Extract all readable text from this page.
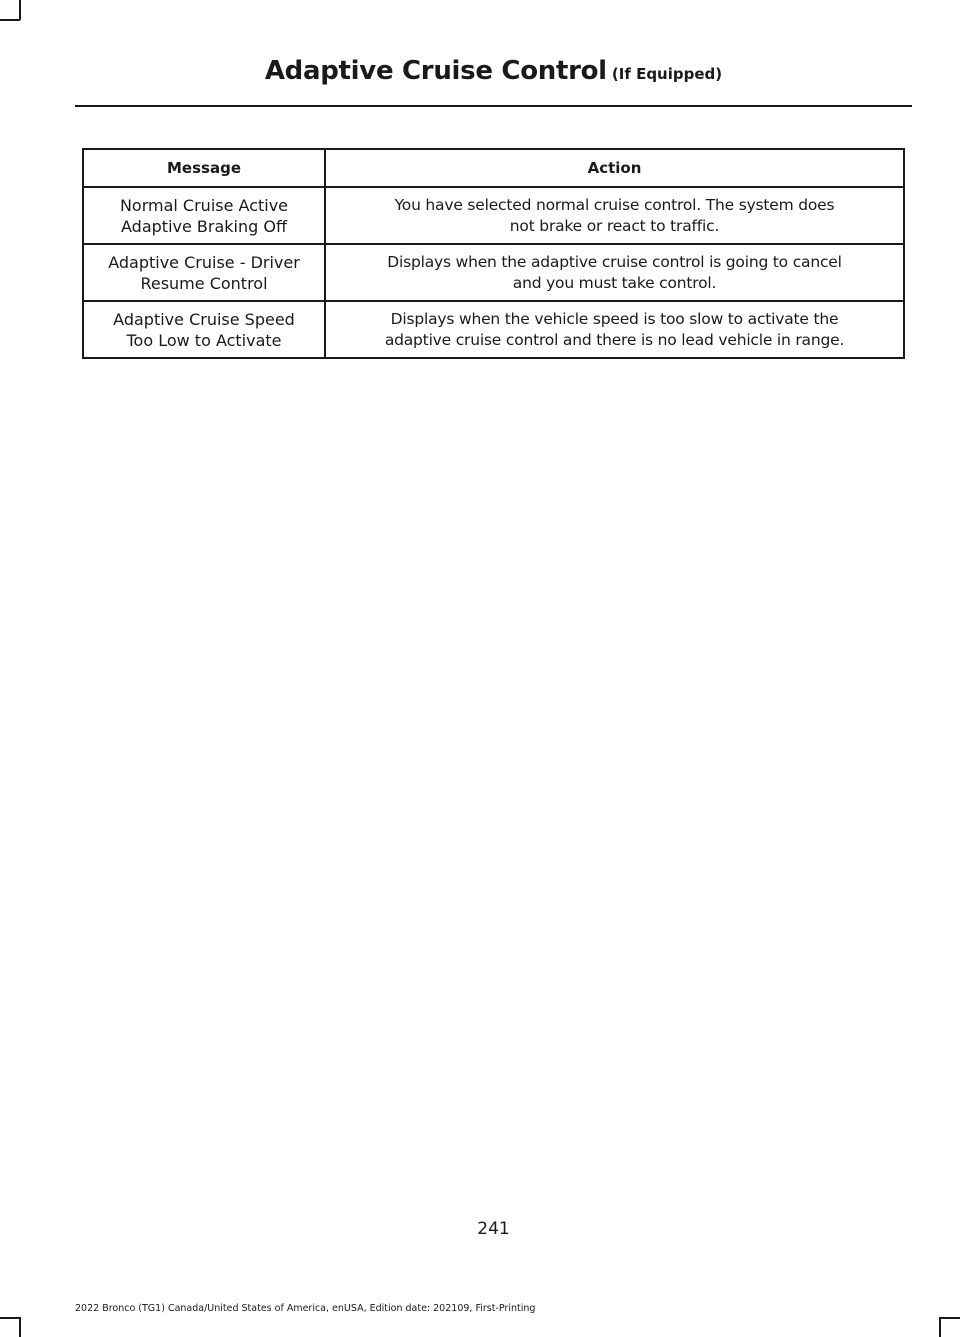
Adaptive Cruise Control (If Equipped)
Message	Action

Normal Cruise Active
Adaptive Braking Off	You have selected normal cruise control. The system does
not brake or react to traffic.

Adaptive Cruise - Driver
Resume Control	Displays when the adaptive cruise control is going to cancel
and you must take control.

Adaptive Cruise Speed
Too Low to Activate	Displays when the vehicle speed is too slow to activate the
adaptive cruise control and there is no lead vehicle in range.
241
2022 Bronco (TG1) Canada/United States of America, enUSA, Edition date: 202109, First-Printing
